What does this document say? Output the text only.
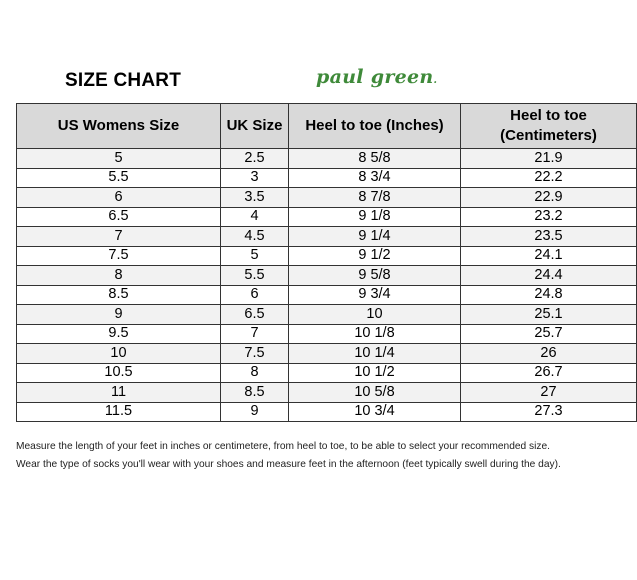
SIZE CHART	paul green.
US Womens Size	UK Size	Heel to toe (Inches)	Heel to toe (Centimeters)
5	2.5	8 5/8	21.9
5.5	3	8 3/4	22.2
6	3.5	8 7/8	22.9
6.5	4	9 1/8	23.2
7	4.5	9 1/4	23.5
7.5	5	9 1/2	24.1
8	5.5	9 5/8	24.4
8.5	6	9 3/4	24.8
9	6.5	10	25.1
9.5	7	10 1/8	25.7
10	7.5	10 1/4	26
10.5	8	10 1/2	26.7
11	8.5	10 5/8	27
11.5	9	10 3/4	27.3
Measure the length of your feet in inches or centimetere, from heel to toe, to be able to select your recommended size.
Wear the type of socks you'll wear with your shoes and measure feet in the afternoon (feet typically swell during the day).
